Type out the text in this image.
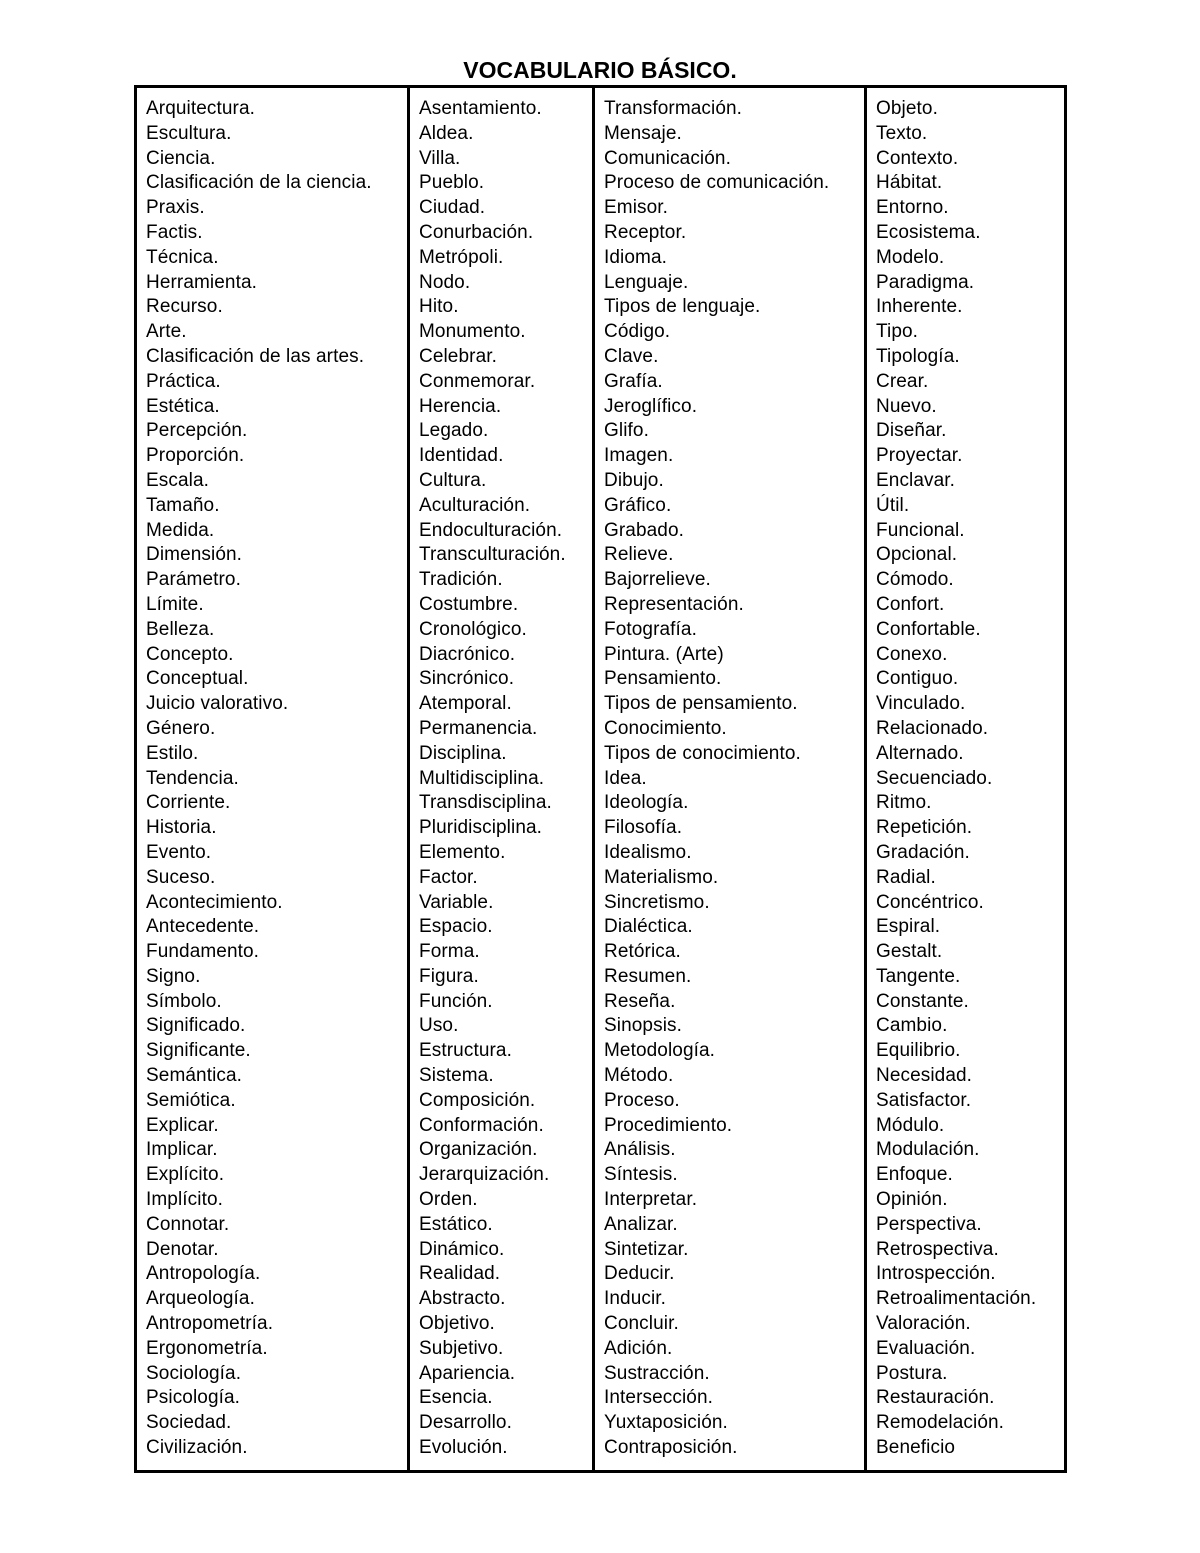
VOCABULARIO BÁSICO.
Arquitectura.
Escultura.
Ciencia.
Clasificación de la ciencia.
Praxis.
Factis.
Técnica.
Herramienta.
Recurso.
Arte.
Clasificación de las artes.
Práctica.
Estética.
Percepción.
Proporción.
Escala.
Tamaño.
Medida.
Dimensión.
Parámetro.
Límite.
Belleza.
Concepto.
Conceptual.
Juicio valorativo.
Género.
Estilo.
Tendencia.
Corriente.
Historia.
Evento.
Suceso.
Acontecimiento.
Antecedente.
Fundamento.
Signo.
Símbolo.
Significado.
Significante.
Semántica.
Semiótica.
Explicar.
Implicar.
Explícito.
Implícito.
Connotar.
Denotar.
Antropología.
Arqueología.
Antropometría.
Ergonometría.
Sociología.
Psicología.
Sociedad.
Civilización.
Asentamiento.
Aldea.
Villa.
Pueblo.
Ciudad.
Conurbación.
Metrópoli.
Nodo.
Hito.
Monumento.
Celebrar.
Conmemorar.
Herencia.
Legado.
Identidad.
Cultura.
Aculturación.
Endoculturación.
Transculturación.
Tradición.
Costumbre.
Cronológico.
Diacrónico.
Sincrónico.
Atemporal.
Permanencia.
Disciplina.
Multidisciplina.
Transdisciplina.
Pluridisciplina.
Elemento.
Factor.
Variable.
Espacio.
Forma.
Figura.
Función.
Uso.
Estructura.
Sistema.
Composición.
Conformación.
Organización.
Jerarquización.
Orden.
Estático.
Dinámico.
Realidad.
Abstracto.
Objetivo.
Subjetivo.
Apariencia.
Esencia.
Desarrollo.
Evolución.
Transformación.
Mensaje.
Comunicación.
Proceso de comunicación.
Emisor.
Receptor.
Idioma.
Lenguaje.
Tipos de lenguaje.
Código.
Clave.
Grafía.
Jeroglífico.
Glifo.
Imagen.
Dibujo.
Gráfico.
Grabado.
Relieve.
Bajorrelieve.
Representación.
Fotografía.
Pintura. (Arte)
Pensamiento.
Tipos de pensamiento.
Conocimiento.
Tipos de conocimiento.
Idea.
Ideología.
Filosofía.
Idealismo.
Materialismo.
Sincretismo.
Dialéctica.
Retórica.
Resumen.
Reseña.
Sinopsis.
Metodología.
Método.
Proceso.
Procedimiento.
Análisis.
Síntesis.
Interpretar.
Analizar.
Sintetizar.
Deducir.
Inducir.
Concluir.
Adición.
Sustracción.
Intersección.
Yuxtaposición.
Contraposición.
Objeto.
Texto.
Contexto.
Hábitat.
Entorno.
Ecosistema.
Modelo.
Paradigma.
Inherente.
Tipo.
Tipología.
Crear.
Nuevo.
Diseñar.
Proyectar.
Enclavar.
Útil.
Funcional.
Opcional.
Cómodo.
Confort.
Confortable.
Conexo.
Contiguo.
Vinculado.
Relacionado.
Alternado.
Secuenciado.
Ritmo.
Repetición.
Gradación.
Radial.
Concéntrico.
Espiral.
Gestalt.
Tangente.
Constante.
Cambio.
Equilibrio.
Necesidad.
Satisfactor.
Módulo.
Modulación.
Enfoque.
Opinión.
Perspectiva.
Retrospectiva.
Introspección.
Retroalimentación.
Valoración.
Evaluación.
Postura.
Restauración.
Remodelación.
Beneficio
